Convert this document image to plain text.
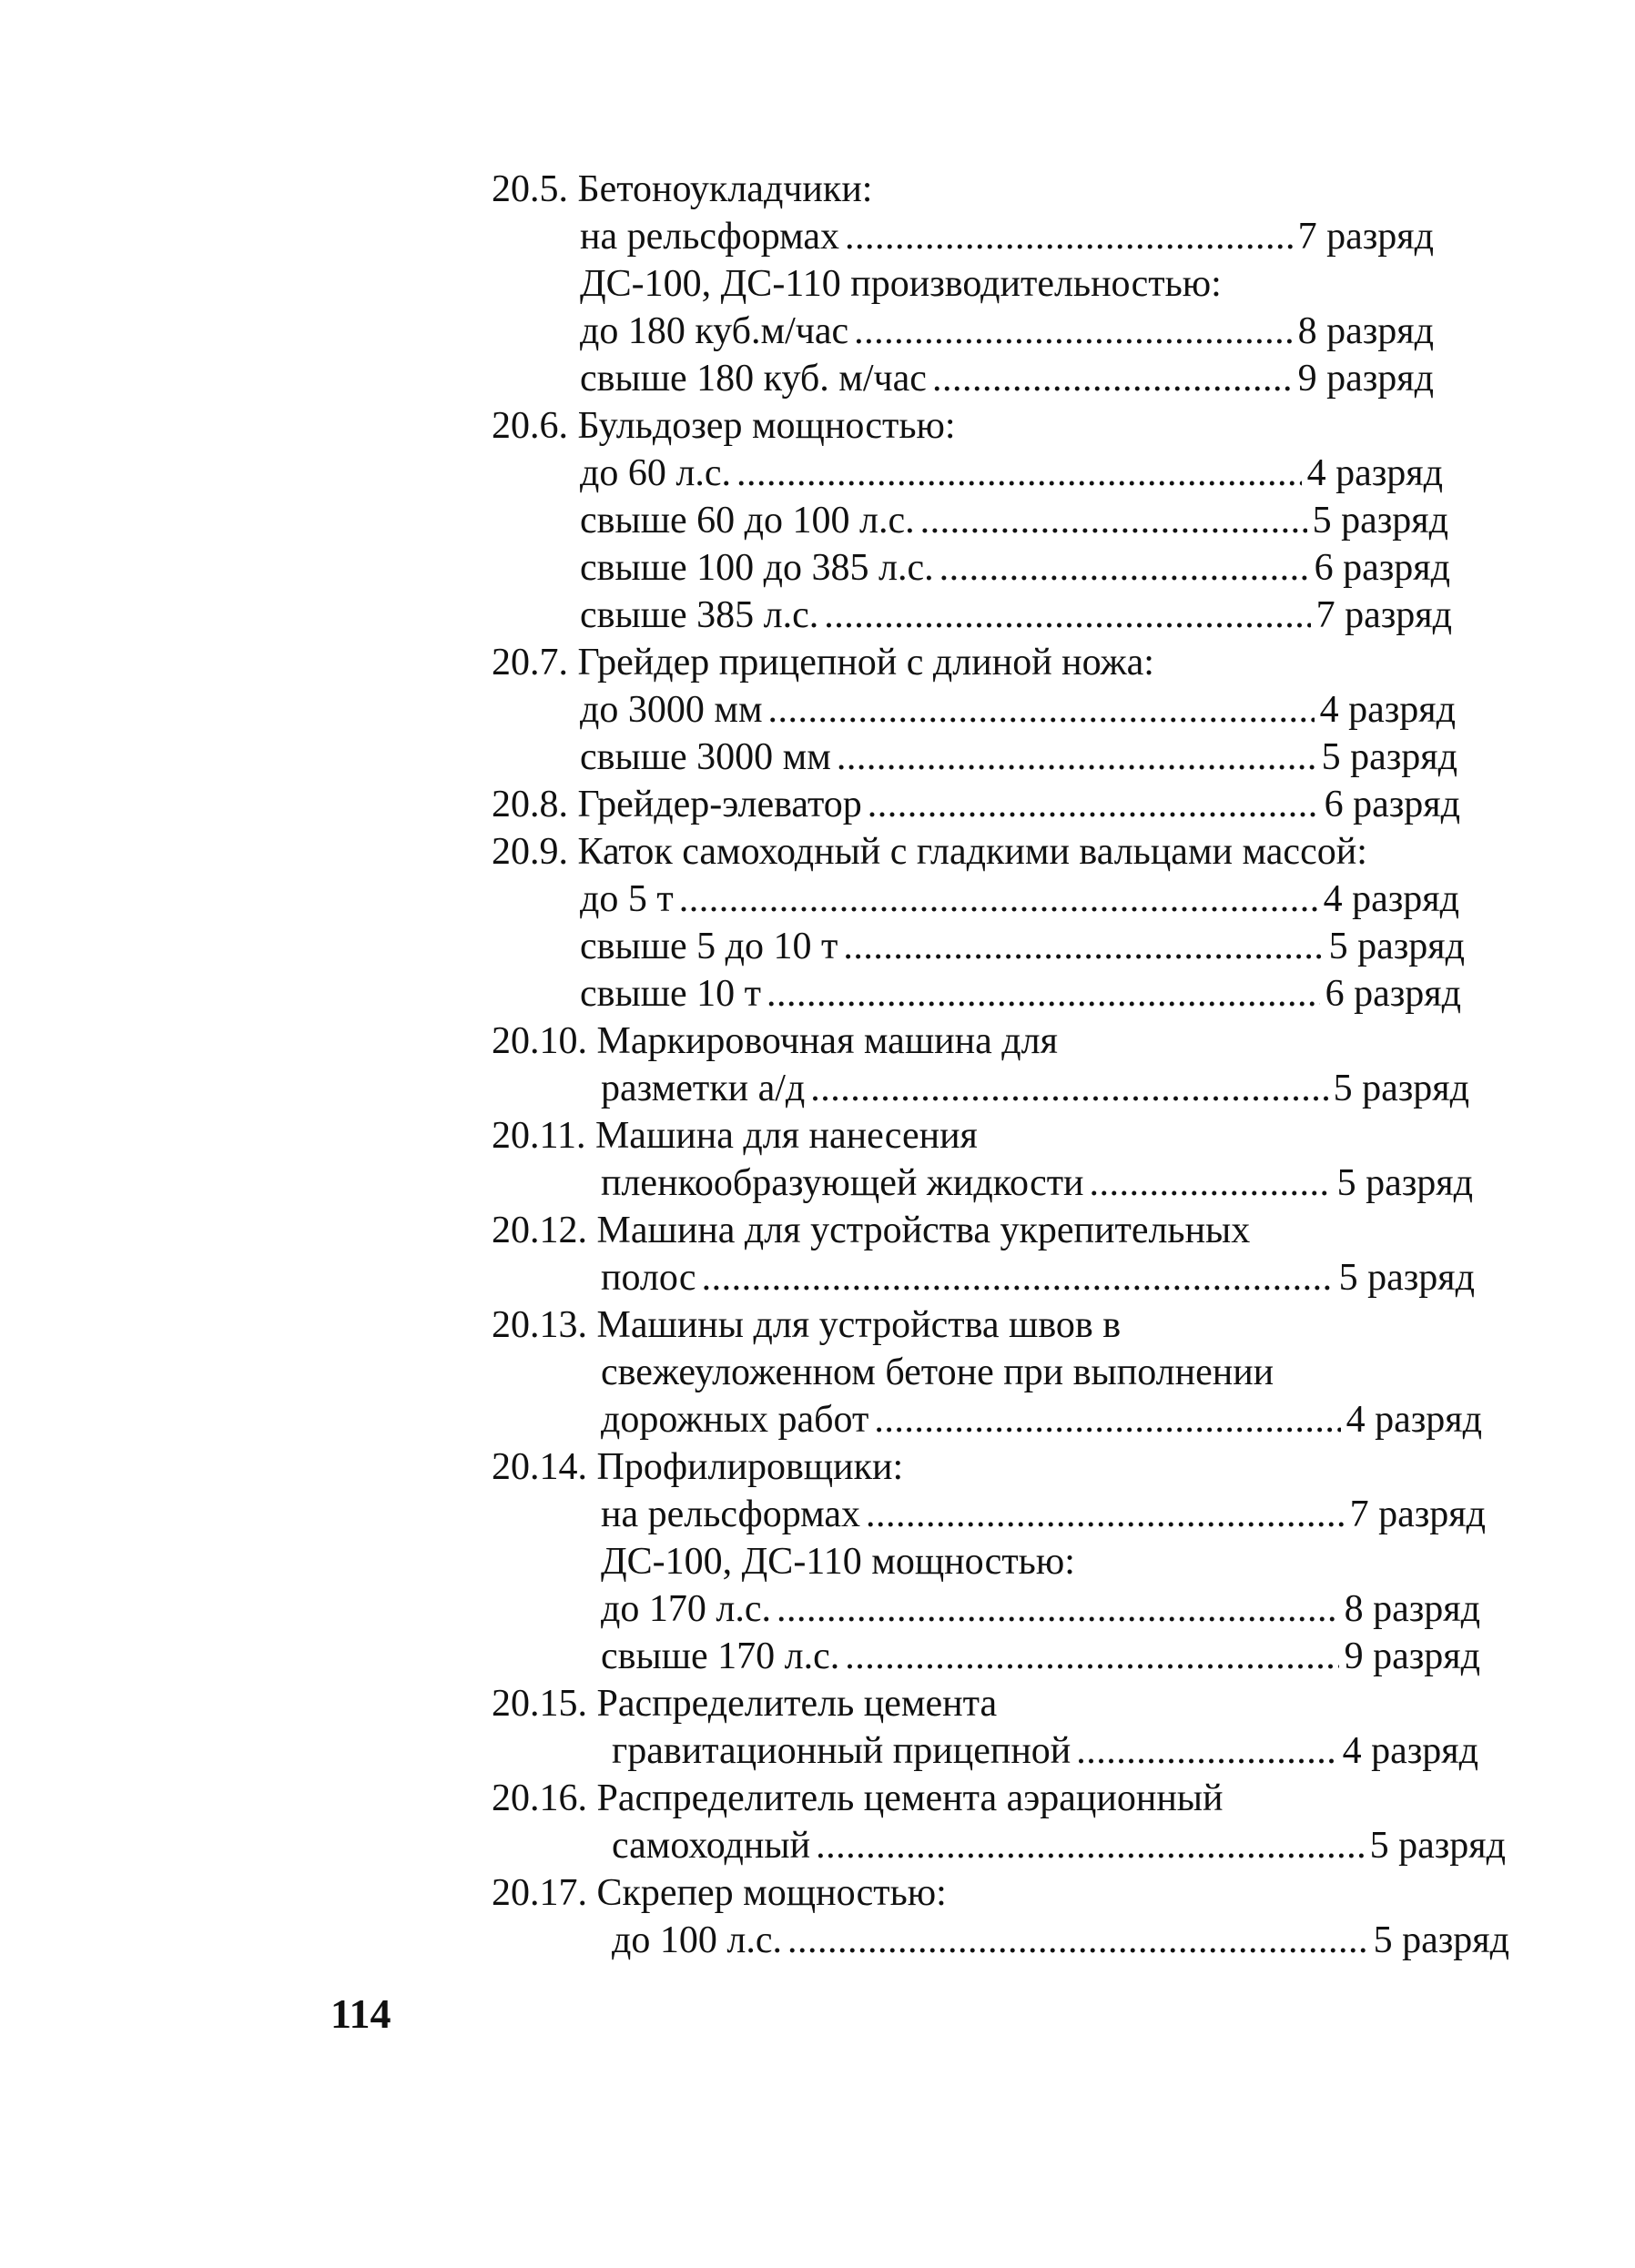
20.5.
Бетоноукладчики:
на рельсформах . . .	7 разряд
ДС-100, ДС-110 производительностью:
до 180 куб.м/час . . .	8 разряд
свыше 180 куб. м/час . . .	9 разряд
20.6.
Бульдозер мощностью:
до 60 л.с. . . .	4 разряд
свыше 60 до 100 л.с. . . .	5 разряд
свыше 100 до 385 л.с. . . .	6 разряд
свыше 385 л.с. . . .	7 разряд
20.7.
Грейдер прицепной с длиной ножа:
до 3000 мм . . .	4 разряд
свыше 3000 мм . . .	5 разряд
20.8.
Грейдер-элеватор . . .	6 разряд
20.9.
Каток самоходный с гладкими вальцами массой:
до 5 т . . .	4 разряд
свыше 5 до 10 т . . .	5 разряд
свыше 10 т . . .	6 разряд
20.10.
Маркировочная машина для
разметки а/д . . .	5 разряд
20.11.
Машина для нанесения
пленкообразующей жидкости . . .	5 разряд
20.12.
Машина для устройства укрепительных
полос . . .	5 разряд
20.13.
Машины для устройства швов в
свежеуложенном бетоне при выполнении
дорожных работ . . .	4 разряд
20.14.
Профилировщики:
на рельсформах . . .	7 разряд
ДС-100, ДС-110 мощностью:
до 170 л.с. . . .	8 разряд
свыше 170 л.с. . . .	9 разряд
20.15.
Распределитель цемента
гравитационный прицепной . . .	4 разряд
20.16.
Распределитель цемента аэрационный
самоходный . . .	5 разряд
20.17.
Скрепер мощностью:
до 100 л.с. . . .	5 разряд
114
